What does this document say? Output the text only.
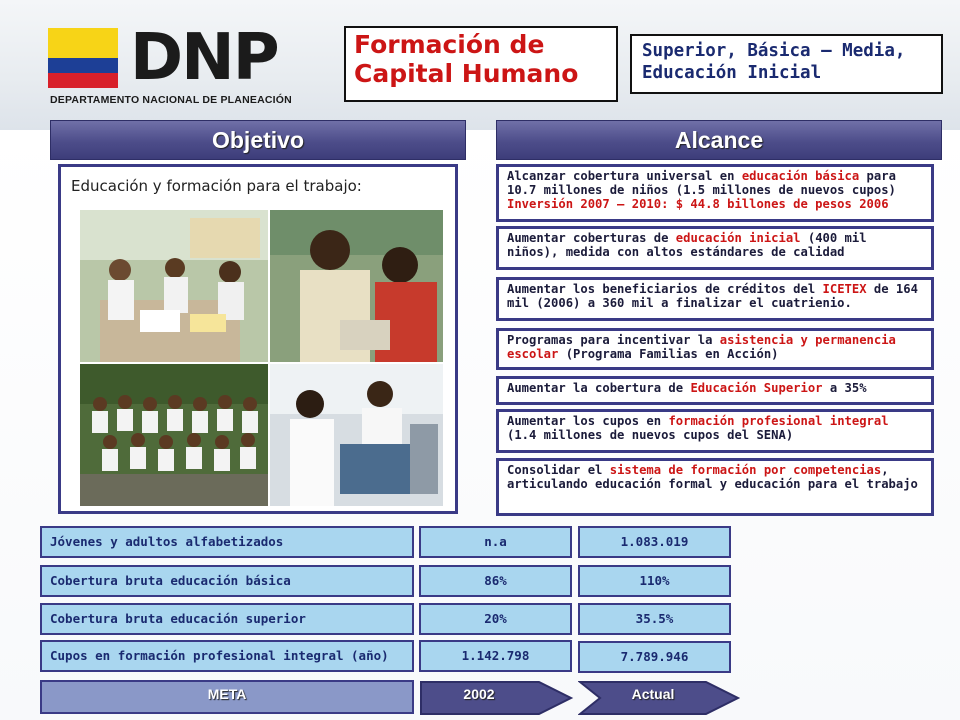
DNP
DEPARTAMENTO NACIONAL DE PLANEACIÓN
Formación de
Capital Humano
Superior, Básica – Media,
Educación Inicial
Objetivo	Alcance
Educación y formación para el trabajo:
Alcanzar cobertura universal en educación básica para 10.7 millones de niños (1.5 millones de nuevos cupos) Inversión 2007 – 2010: $ 44.8 billones de pesos 2006
Aumentar coberturas de educación inicial (400 mil niños), medida con altos estándares de calidad
Aumentar los beneficiarios de créditos del ICETEX de 164 mil (2006) a 360 mil a finalizar el cuatrienio.
Programas para incentivar la asistencia y permanencia escolar (Programa Familias en Acción)
Aumentar la cobertura de Educación Superior a 35%
Aumentar los cupos en formación profesional integral (1.4 millones de nuevos cupos del SENA)
Consolidar el sistema de formación por competencias, articulando educación formal y educación para el trabajo
Jóvenes y adultos alfabetizados	n.a	1.083.019
Cobertura bruta educación básica	86%	110%
Cobertura bruta educación superior	20%	35.5%
Cupos en formación profesional integral (año)	1.142.798	7.789.946
META	2002	Actual
